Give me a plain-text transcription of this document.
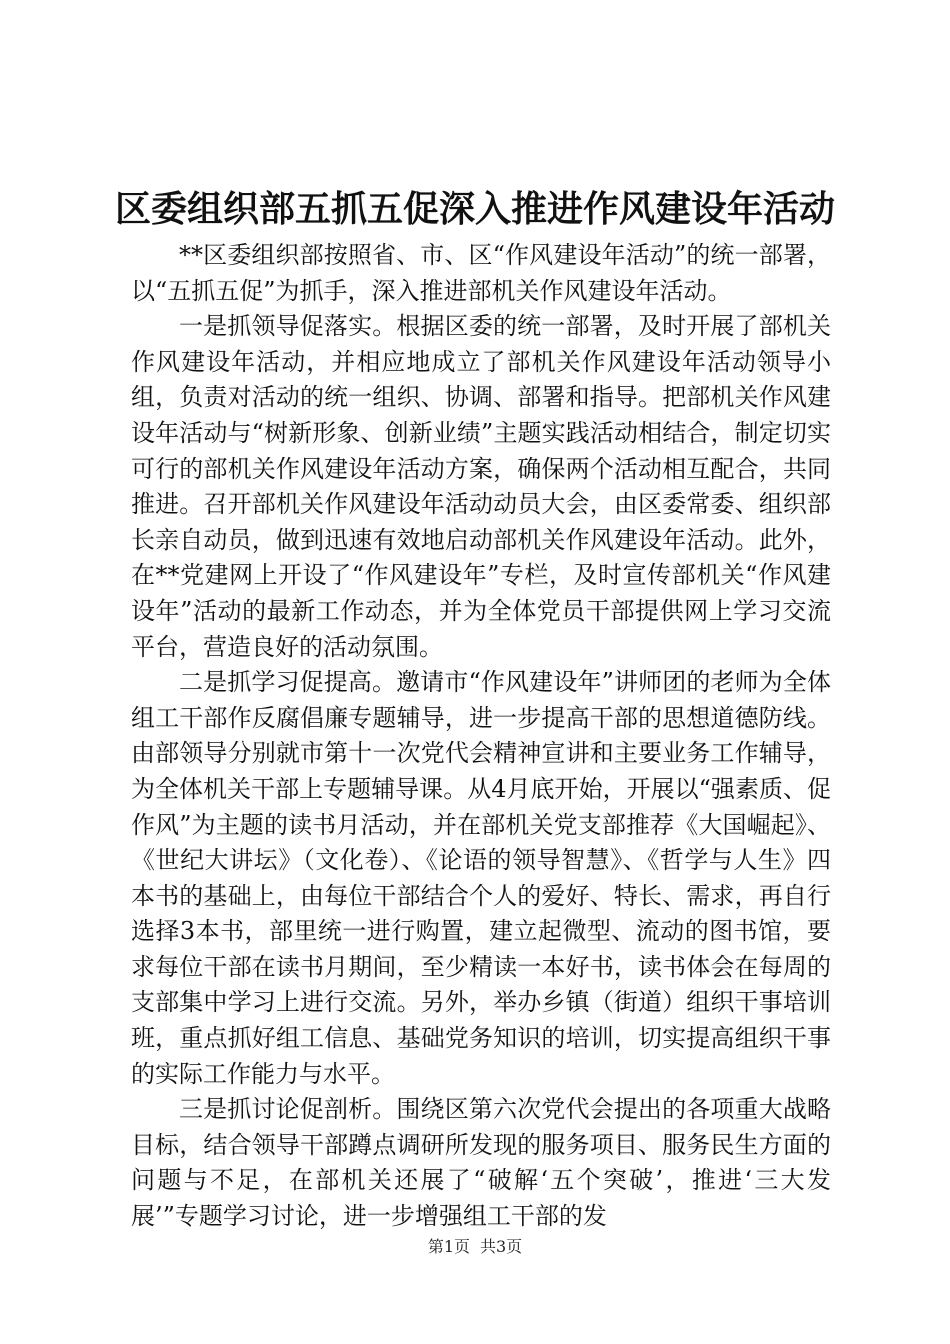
区委组织部五抓五促深入推进作风建设年活动

**区委组织部按照省、市、区“作风建设年活动”的统一部署，以“五抓五促”为抓手，深入推进部机关作风建设年活动。

一是抓领导促落实。根据区委的统一部署，及时开展了部机关作风建设年活动，并相应地成立了部机关作风建设年活动领导小组，负责对活动的统一组织、协调、部署和指导。把部机关作风建设年活动与“树新形象、创新业绩”主题实践活动相结合，制定切实可行的部机关作风建设年活动方案，确保两个活动相互配合，共同推进。召开部机关作风建设年活动动员大会，由区委常委、组织部长亲自动员，做到迅速有效地启动部机关作风建设年活动。此外，在**党建网上开设了“作风建设年”专栏，及时宣传部机关“作风建设年”活动的最新工作动态，并为全体党员干部提供网上学习交流平台，营造良好的活动氛围。

二是抓学习促提高。邀请市“作风建设年”讲师团的老师为全体组工干部作反腐倡廉专题辅导，进一步提高干部的思想道德防线。由部领导分别就市第十一次党代会精神宣讲和主要业务工作辅导，为全体机关干部上专题辅导课。从4月底开始，开展以“强素质、促作风”为主题的读书月活动，并在部机关党支部推荐《大国崛起》、《世纪大讲坛》（文化卷）、《论语的领导智慧》、《哲学与人生》四本书的基础上，由每位干部结合个人的爱好、特长、需求，再自行选择3本书，部里统一进行购置，建立起微型、流动的图书馆，要求每位干部在读书月期间，至少精读一本好书，读书体会在每周的支部集中学习上进行交流。另外，举办乡镇（街道）组织干事培训班，重点抓好组工信息、基础党务知识的培训，切实提高组织干事的实际工作能力与水平。

三是抓讨论促剖析。围绕区第六次党代会提出的各项重大战略目标，结合领导干部蹲点调研所发现的服务项目、服务民生方面的问题与不足，在部机关还展了“破解‘五个突破’，推进‘三大发展’”专题学习讨论，进一步增强组工干部的发

第1页 共3页
